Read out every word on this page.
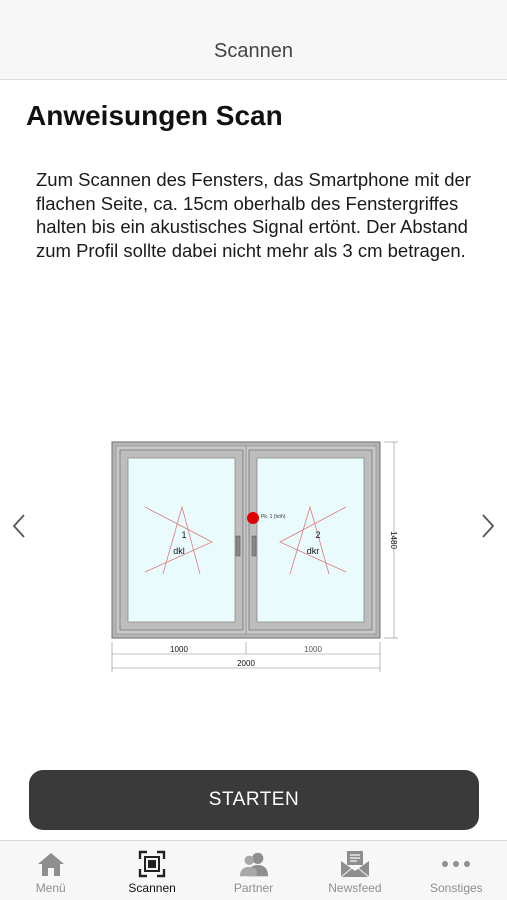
Scannen
Anweisungen Scan

Zum Scannen des Fensters, das Smartphone mit der flachen Seite, ca. 15cm oberhalb des Fenstergriffes halten bis ein akustisches Signal ertönt. Der Abstand zum Profil sollte dabei nicht mehr als 3 cm betragen.

1
dkl
2
dkr
Pk. 1 (höh)
1480
1000	1000
2000
STARTEN
Menü	Scannen	Partner	Newsfeed	Sonstiges
